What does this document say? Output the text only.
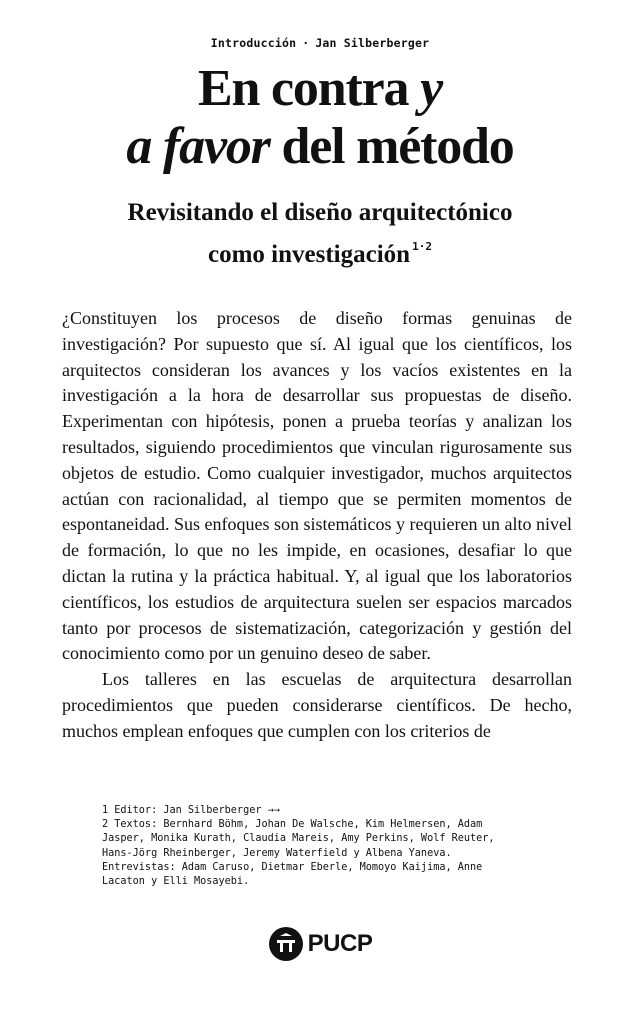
Introducción · Jan Silberberger
En contra y
a favor del método
Revisitando el diseño arquitectónico
como investigación $^{1\cdot 2}$

¿Constituyen los procesos de diseño formas genuinas de investigación? Por supuesto que sí. Al igual que los científicos, los arquitectos consideran los avances y los vacíos existentes en la investigación a la hora de desarrollar sus propuestas de diseño. Experimentan con hipótesis, ponen a prueba teorías y analizan los resultados, siguiendo procedimientos que vinculan rigurosamente sus objetos de estudio. Como cualquier investigador, muchos arquitectos actúan con racionalidad, al tiempo que se permiten momentos de espontaneidad. Sus enfoques son sistemáticos y requieren un alto nivel de formación, lo que no les impide, en ocasiones, desafiar lo que dictan la rutina y la práctica habitual. Y, al igual que los laboratorios científicos, los estudios de arquitectura suelen ser espacios marcados tanto por procesos de sistematización, categorización y gestión del conocimiento como por un genuino deseo de saber.

Los talleres en las escuelas de arquitectura desarrollan procedimientos que pueden considerarse científicos. De hecho, muchos emplean enfoques que cumplen con los criterios de

1 Editor: Jan Silberberger →→

2 Textos: Bernhard Böhm, Johan De Walsche, Kim Helmersen, Adam Jasper, Monika Kurath, Claudia Mareis, Amy Perkins, Wolf Reuter, Hans-Jörg Rheinberger, Jeremy Waterfield y Albena Yaneva. Entrevistas: Adam Caruso, Dietmar Eberle, Momoyo Kaijima, Anne Lacaton y Elli Mosayebi.

PUCP
